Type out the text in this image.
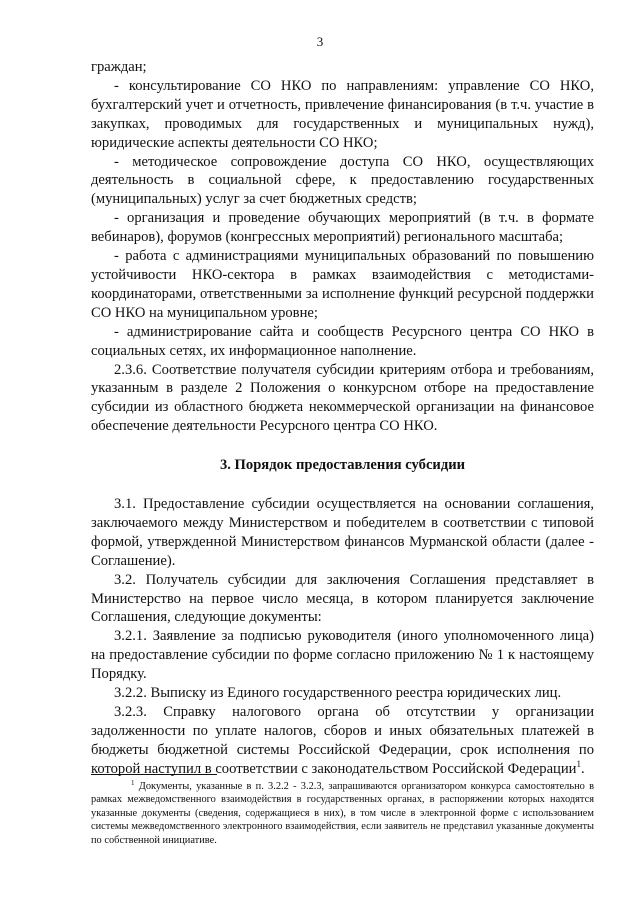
3

граждан;

- консультирование СО НКО по направлениям: управление СО НКО, бухгалтерский учет и отчетность, привлечение финансирования (в т.ч. участие в закупках, проводимых для государственных и муниципальных нужд), юридические аспекты деятельности СО НКО;

- методическое сопровождение доступа СО НКО, осуществляющих деятельность в социальной сфере, к предоставлению государственных (муниципальных) услуг за счет бюджетных средств;

- организация и проведение обучающих мероприятий (в т.ч. в формате вебинаров), форумов (конгрессных мероприятий) регионального масштаба;

- работа с администрациями муниципальных образований по повышению устойчивости НКО-сектора в рамках взаимодействия с методистами-координаторами, ответственными за исполнение функций ресурсной поддержки СО НКО на муниципальном уровне;

- администрирование сайта и сообществ Ресурсного центра СО НКО в социальных сетях, их информационное наполнение.

2.3.6. Соответствие получателя субсидии критериям отбора и требованиям, указанным в разделе 2 Положения о конкурсном отборе на предоставление субсидии из областного бюджета некоммерческой организации на финансовое обеспечение деятельности Ресурсного центра СО НКО.

3. Порядок предоставления субсидии

3.1. Предоставление субсидии осуществляется на основании соглашения, заключаемого между Министерством и победителем в соответствии с типовой формой, утвержденной Министерством финансов Мурманской области (далее - Соглашение).

3.2. Получатель субсидии для заключения Соглашения представляет в Министерство на первое число месяца, в котором планируется заключение Соглашения, следующие документы:

3.2.1. Заявление за подписью руководителя (иного уполномоченного лица) на предоставление субсидии по форме согласно приложению № 1 к настоящему Порядку.

3.2.2. Выписку из Единого государственного реестра юридических лиц.

3.2.3. Справку налогового органа об отсутствии у организации задолженности по уплате налогов, сборов и иных обязательных платежей в бюджеты бюджетной системы Российской Федерации, срок исполнения по которой наступил в соответствии с законодательством Российской Федерации$^1$.

$^1$ Документы, указанные в п. 3.2.2 - 3.2.3, запрашиваются организатором конкурса самостоятельно в рамках межведомственного взаимодействия в государственных органах, в распоряжении которых находятся указанные документы (сведения, содержащиеся в них), в том числе в электронной форме с использованием системы межведомственного электронного взаимодействия, если заявитель не представил указанные документы по собственной инициативе.
